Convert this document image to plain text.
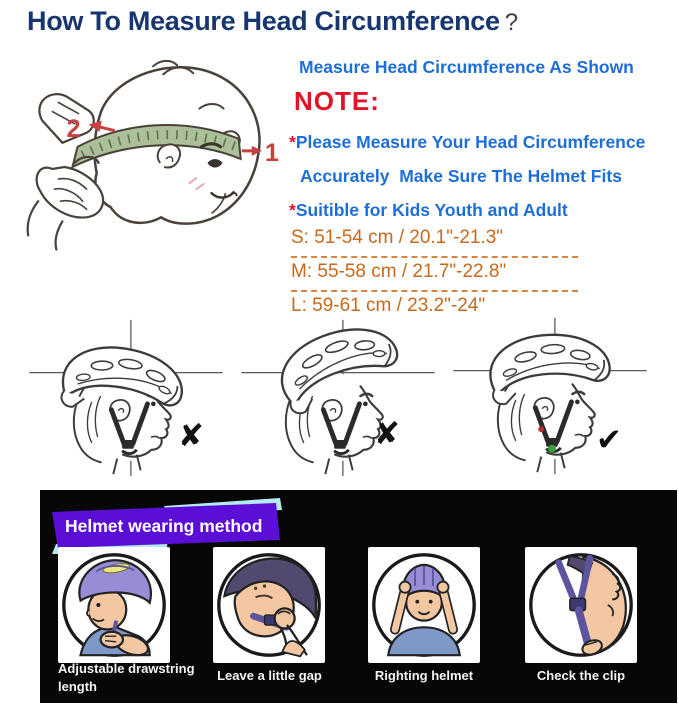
How To Measure Head Circumference ?
2
1
Measure Head Circumference As Shown
NOTE:
*Please Measure Your Head Circumference
Accurately  Make Sure The Helmet Fits
*Suitible for Kids Youth and Adult
S: 51-54 cm / 20.1"-21.3"
M: 55-58 cm / 21.7"-22.8"
L: 59-61 cm / 23.2"-24"
✘	✘	✔
Helmet wearing method
Adjustable drawstring length
Leave a little gap	Righting helmet	Check the clip
